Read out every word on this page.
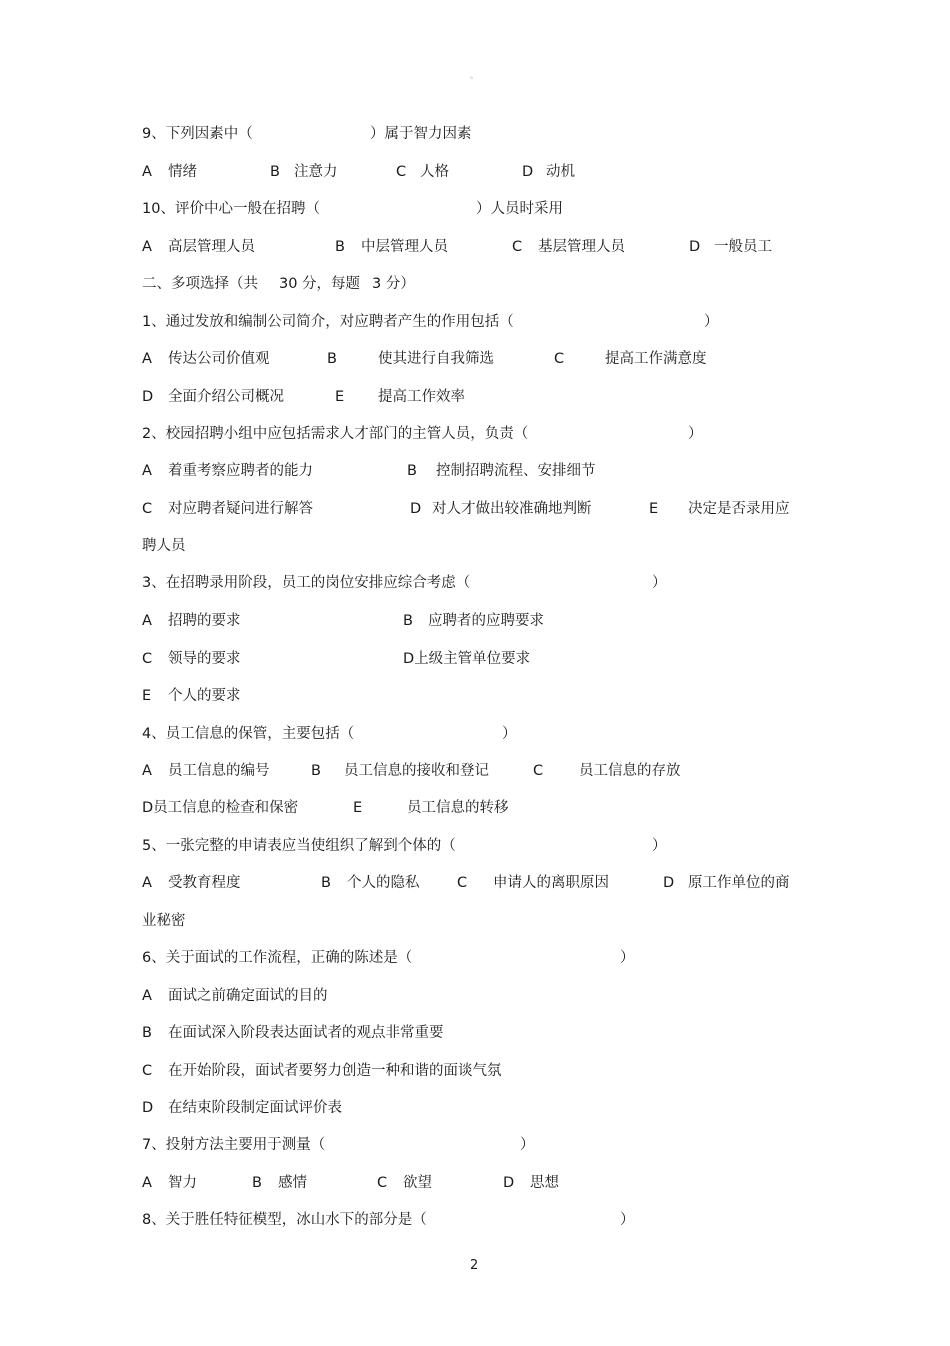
。
9、下列因素中（	）属于智力因素
A 情绪	B 注意力	C 人格	D 动机
10、评价中心一般在招聘（	）人员时采用
A 高层管理人员	B 中层管理人员	C 基层管理人员	D 一般员工
二、多项选择（共 30 分，每题 3 分）
1、通过发放和编制公司简介，对应聘者产生的作用包括（	）
A 传达公司价值观	B	使其进行自我筛选	C	提高工作满意度
D 全面介绍公司概况	E 提高工作效率
2、校园招聘小组中应包括需求人才部门的主管人员，负责（	）
A 着重考察应聘者的能力	B 控制招聘流程、安排细节
C 对应聘者疑问进行解答	D 对人才做出较准确地判断	E 决定是否录用应
聘人员
3、在招聘录用阶段，员工的岗位安排应综合考虑（	）
A 招聘的要求	B 应聘者的应聘要求
C 领导的要求	D上级主管单位要求
E 个人的要求
4、员工信息的保管，主要包括（	）
A 员工信息的编号	B 员工信息的接收和登记	C 员工信息的存放
D员工信息的检查和保密	E	员工信息的转移
5、一张完整的申请表应当使组织了解到个体的（	）
A 受教育程度	B 个人的隐私	C 申请人的离职原因	D 原工作单位的商
业秘密
6、关于面试的工作流程，正确的陈述是（	）
A 面试之前确定面试的目的
B 在面试深入阶段表达面试者的观点非常重要
C 在开始阶段，面试者要努力创造一种和谐的面谈气氛
D 在结束阶段制定面试评价表
7、投射方法主要用于测量（	）
A 智力	B 感情	C 欲望	D 思想
8、关于胜任特征模型，冰山水下的部分是（	）
2
